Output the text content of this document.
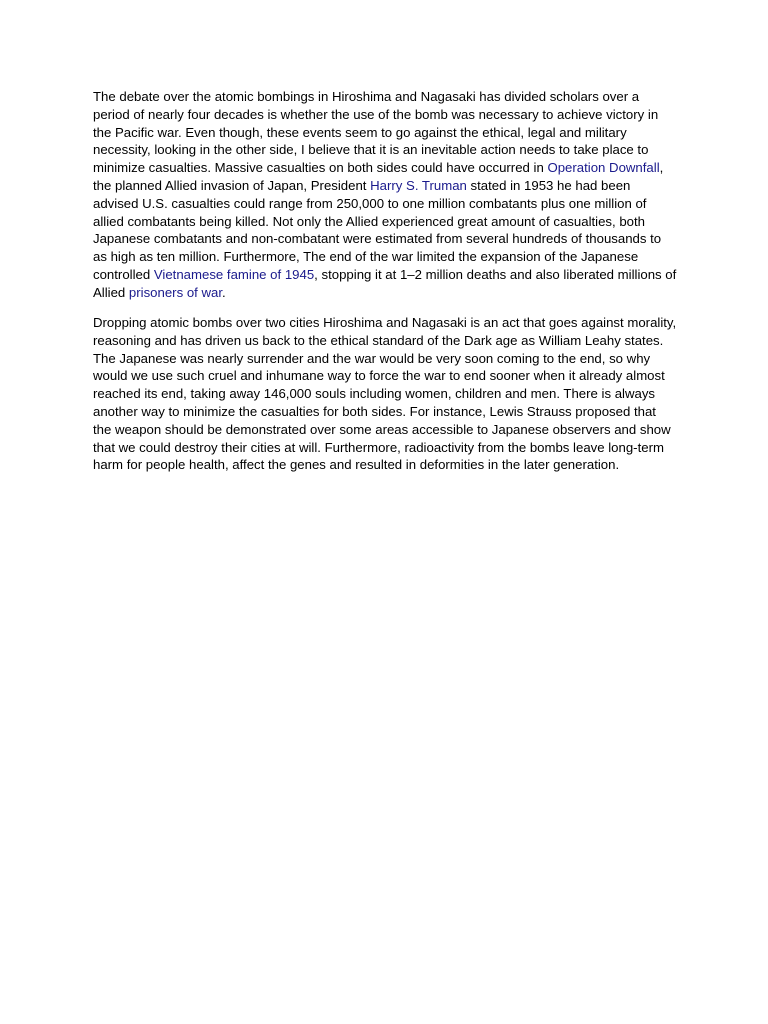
The debate over the atomic bombings in Hiroshima and Nagasaki has divided scholars over a period of nearly four decades is whether the use of the bomb was necessary to achieve victory in the Pacific war. Even though, these events seem to go against the ethical, legal and military necessity, looking in the other side, I believe that it is an inevitable action needs to take place to minimize casualties. Massive casualties on both sides could have occurred in Operation Downfall, the planned Allied invasion of Japan, President Harry S. Truman stated in 1953 he had been advised U.S. casualties could range from 250,000 to one million combatants plus one million of allied combatants being killed. Not only the Allied experienced great amount of casualties, both Japanese combatants and non-combatant were estimated from several hundreds of thousands to as high as ten million. Furthermore, The end of the war limited the expansion of the Japanese controlled Vietnamese famine of 1945, stopping it at 1–2 million deaths and also liberated millions of Allied prisoners of war.

Dropping atomic bombs over two cities Hiroshima and Nagasaki is an act that goes against morality, reasoning and has driven us back to the ethical standard of the Dark age as William Leahy states. The Japanese was nearly surrender and the war would be very soon coming to the end, so why would we use such cruel and inhumane way to force the war to end sooner when it already almost reached its end, taking away 146,000 souls including women, children and men. There is always another way to minimize the casualties for both sides. For instance, Lewis Strauss proposed that the weapon should be demonstrated over some areas accessible to Japanese observers and show that we could destroy their cities at will. Furthermore, radioactivity from the bombs leave long-term harm for people health, affect the genes and resulted in deformities in the later generation.
